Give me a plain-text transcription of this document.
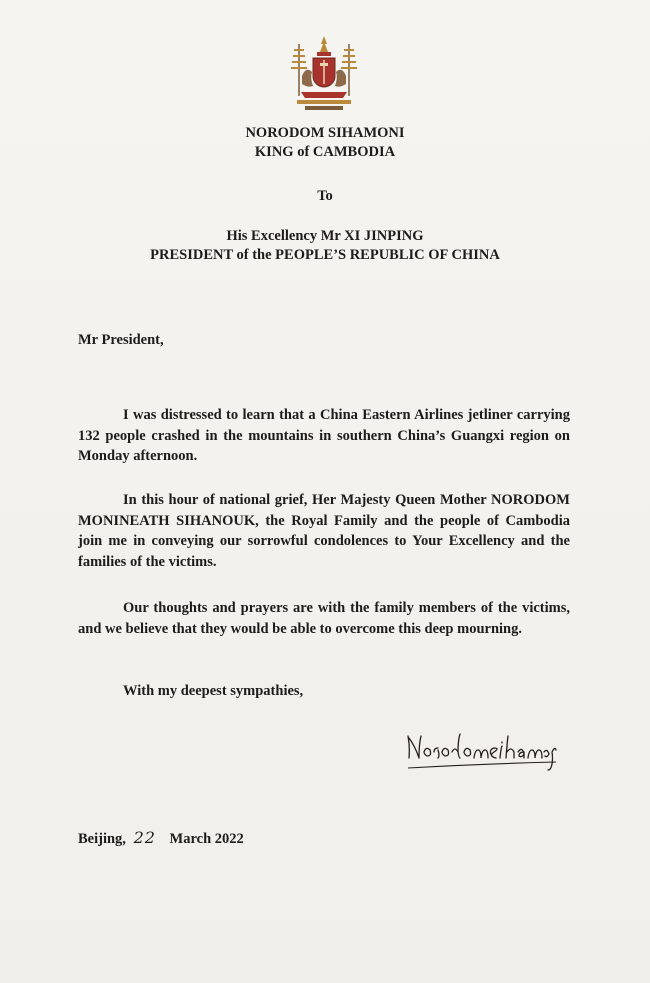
NORODOM SIHAMONI
KING of CAMBODIA
To
His Excellency Mr XI JINPING
PRESIDENT of the PEOPLE’S REPUBLIC OF CHINA
Mr President,

I was distressed to learn that a China Eastern Airlines jetliner carrying 132 people crashed in the mountains in southern China’s Guangxi region on Monday afternoon.

In this hour of national grief, Her Majesty Queen Mother NORODOM MONINEATH SIHANOUK, the Royal Family and the people of Cambodia join me in conveying our sorrowful condolences to Your Excellency and the families of the victims.

Our thoughts and prayers are with the family members of the victims, and we believe that they would be able to overcome this deep mourning.

With my deepest sympathies,
Beijing, 22 March 2022
